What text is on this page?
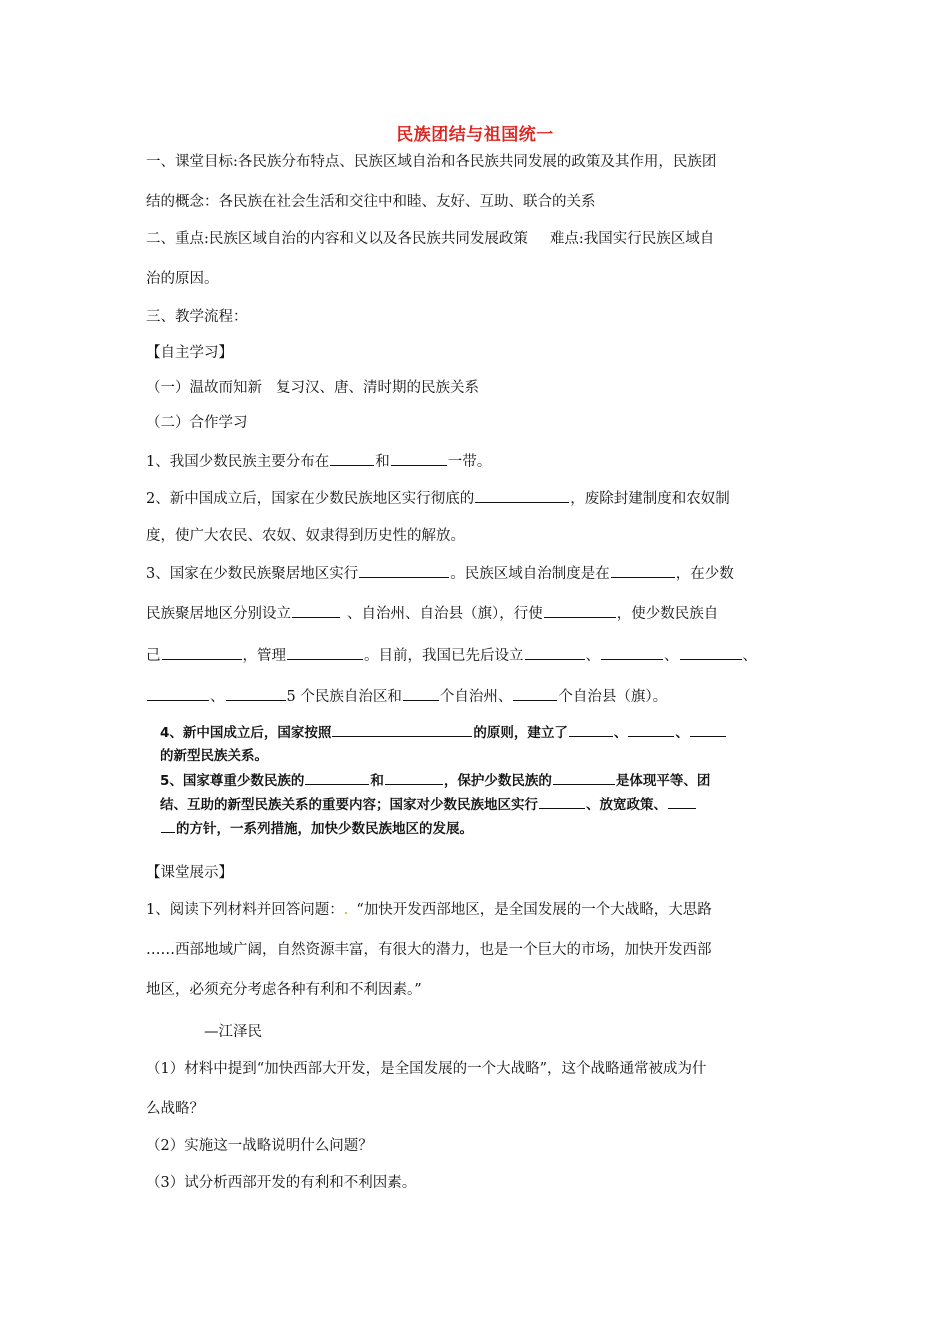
民族团结与祖国统一
一、课堂目标:各民族分布特点、民族区域自治和各民族共同发展的政策及其作用，民族团
结的概念：各民族在社会生活和交往中和睦、友好、互助、联合的关系
二、重点:民族区域自治的内容和义以及各民族共同发展政策 难点:我国实行民族区域自
治的原因。
三、教学流程：
【自主学习】
（一）温故而知新 复习汉、唐、清时期的民族关系
（二）合作学习
1、我国少数民族主要分布在	和	一带。
2、新中国成立后，国家在少数民族地区实行彻底的	，废除封建制度和农奴制
度，使广大农民、农奴、奴隶得到历史性的解放。
3、国家在少数民族聚居地区实行	。民族区域自治制度是在	，在少数
民族聚居地区分别设立	、自治州、自治县（旗），行使	，使少数民族自
己	，管理	。目前，我国已先后设立	、	、	、
、	5 个民族自治区和	个自治州、	个自治县（旗）。
4、新中国成立后，国家按照	的原则，建立了	、	、
的新型民族关系。
5、国家尊重少数民族的	和	，保护少数民族的	是体现平等、团
结、互助的新型民族关系的重要内容；国家对少数民族地区实行	、放宽政策、
的方针，一系列措施，加快少数民族地区的发展。
【课堂展示】
1、阅读下列材料并回答问题：. “加快开发西部地区，是全国发展的一个大战略，大思路
……西部地域广阔，自然资源丰富，有很大的潜力，也是一个巨大的市场，加快开发西部
地区，必须充分考虑各种有利和不利因素。”
—江泽民
（1）材料中提到“加快西部大开发，是全国发展的一个大战略”，这个战略通常被成为什
么战略？
（2）实施这一战略说明什么问题？
（3）试分析西部开发的有利和不利因素。
